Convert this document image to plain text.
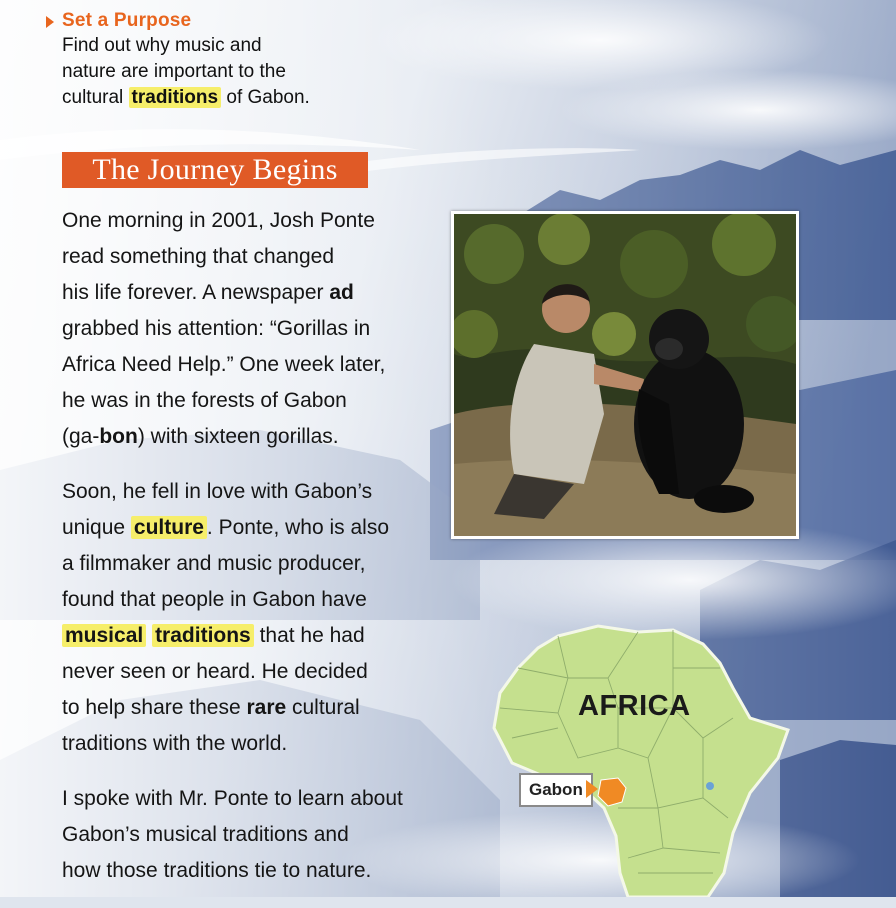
Set a Purpose
Find out why music and
nature are important to the
cultural traditions of Gabon.
The Journey Begins

One morning in 2001, Josh Ponte
read something that changed
his life forever. A newspaper ad
grabbed his attention: “Gorillas in
Africa Need Help.” One week later,
he was in the forests of Gabon
(ga-bon) with sixteen gorillas.

Soon, he fell in love with Gabon’s
unique culture . Ponte, who is also
a filmmaker and music producer,
found that people in Gabon have
musical traditions that he had
never seen or heard. He decided
to help share these rare cultural
traditions with the world.

I spoke with Mr. Ponte to learn about
Gabon’s musical traditions and
how those traditions tie to nature.

AFRICA
Gabon
